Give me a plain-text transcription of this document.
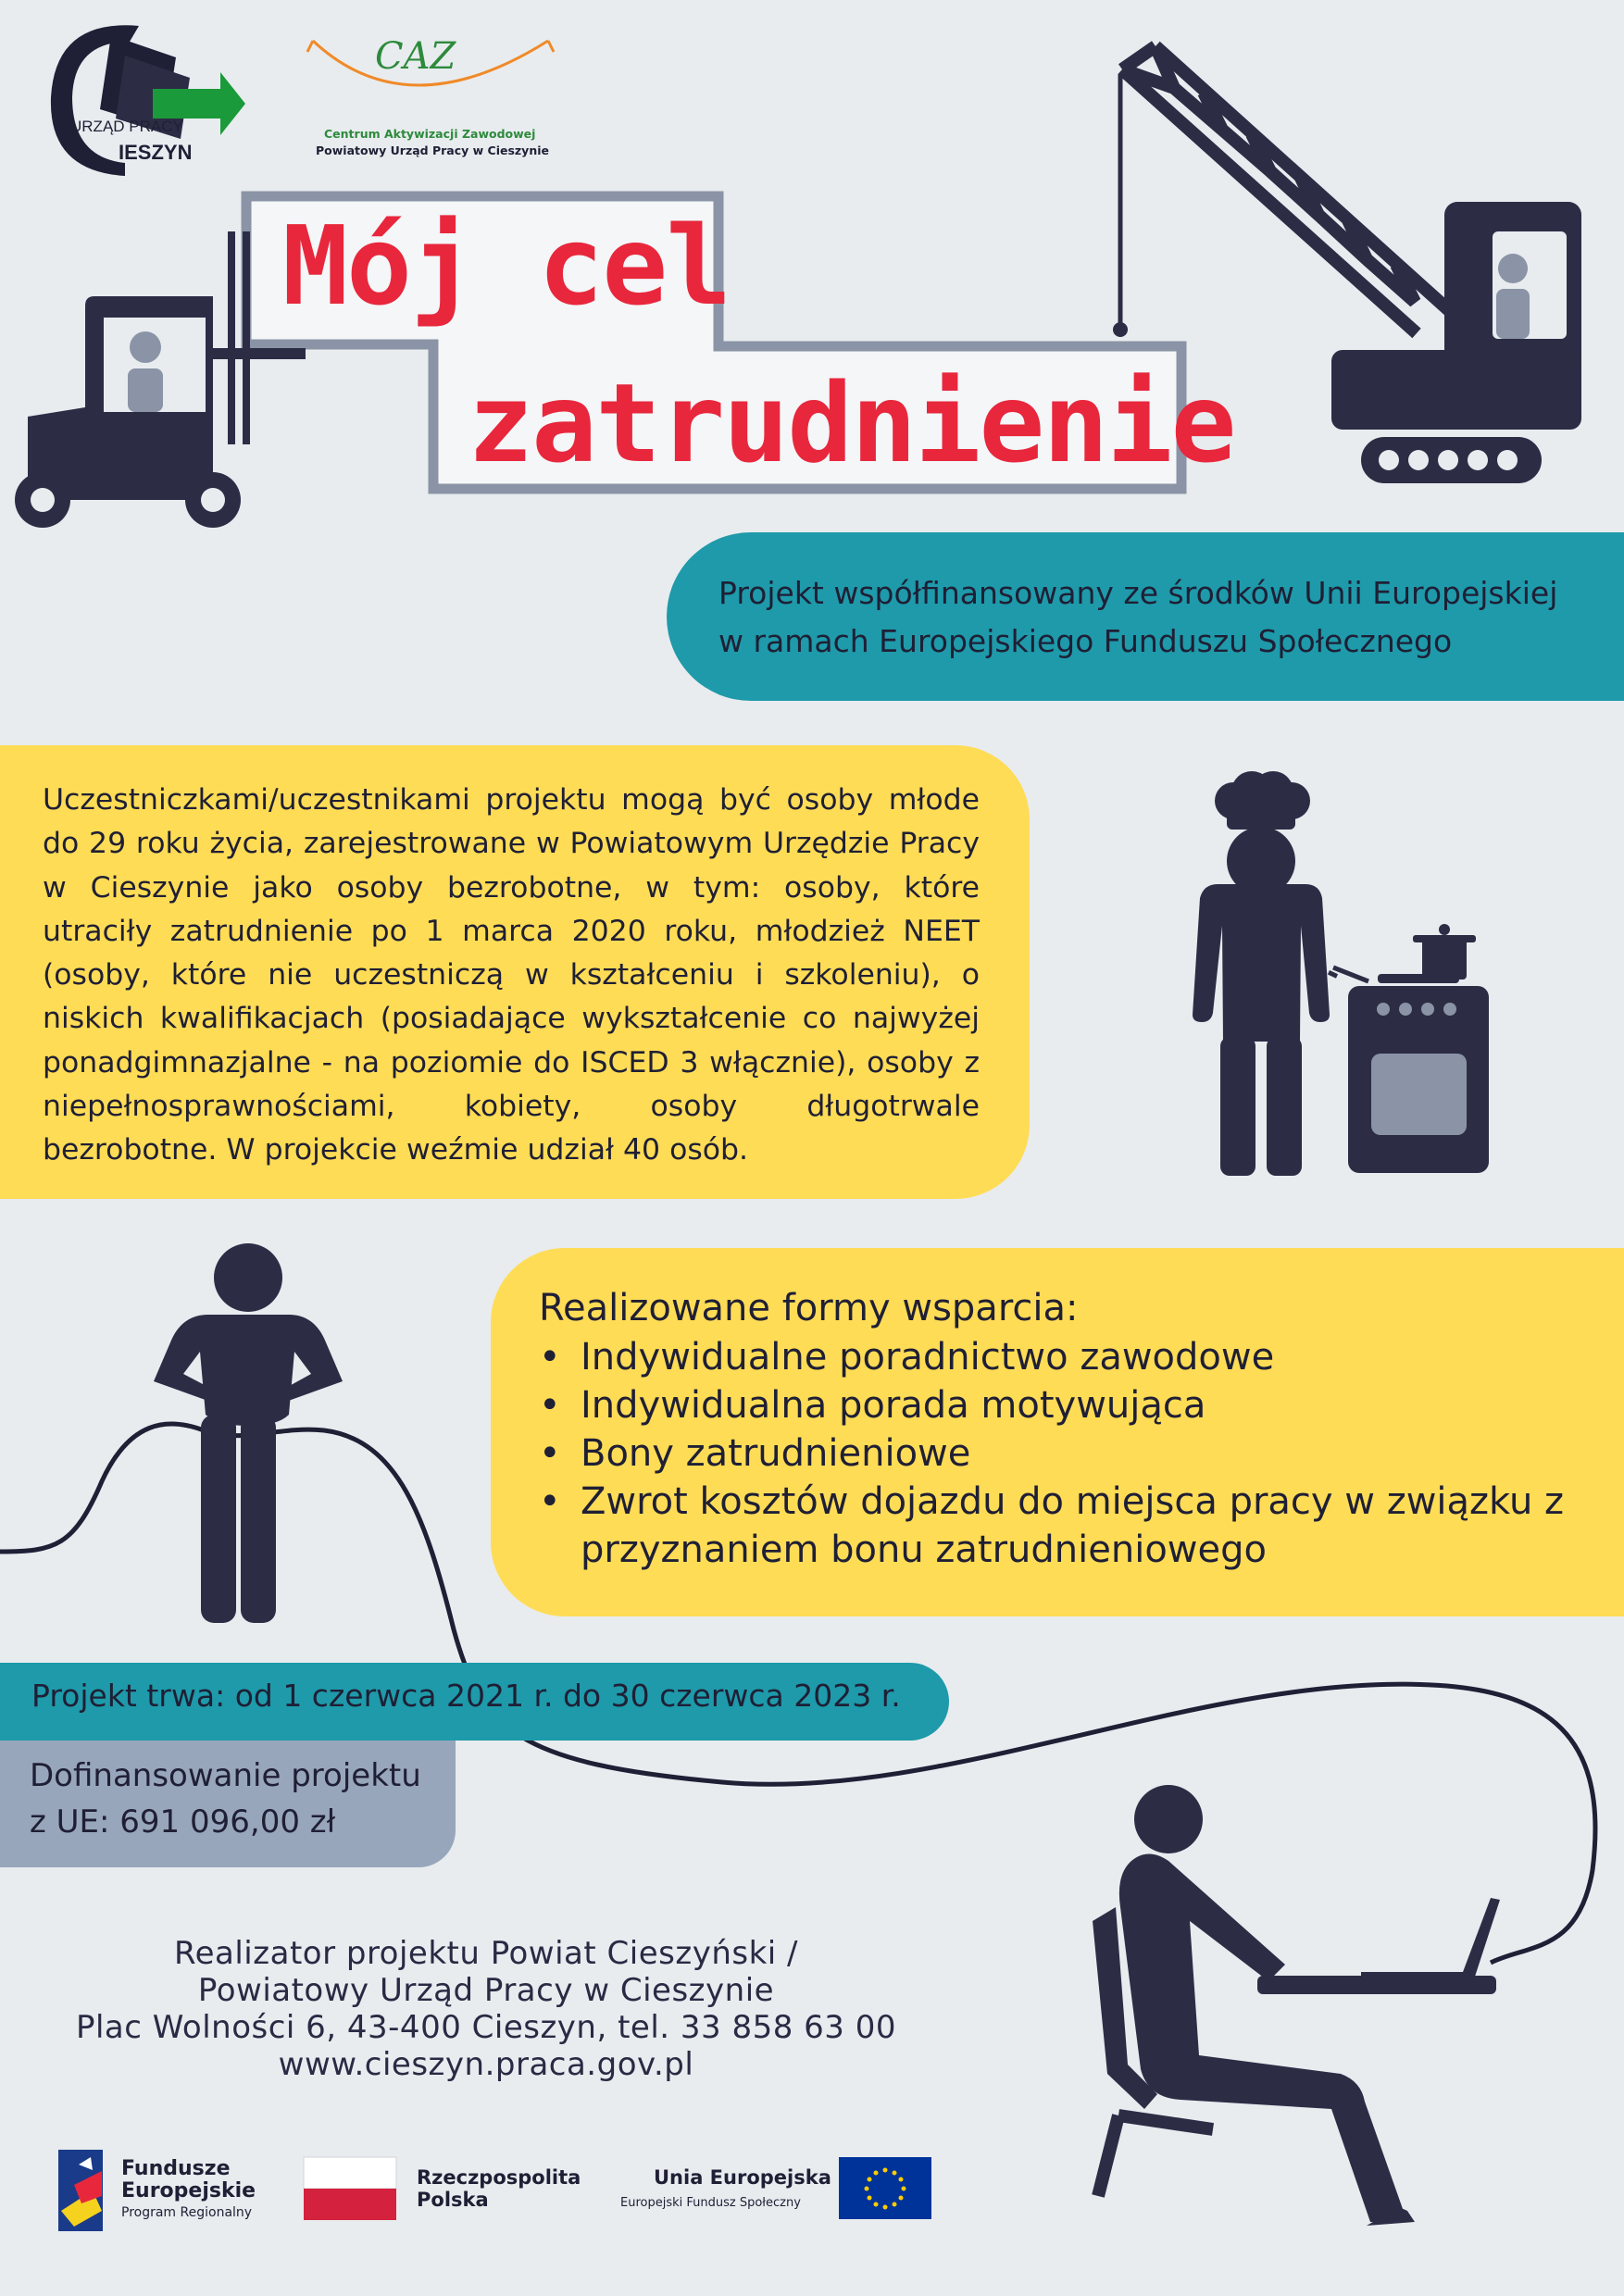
URZĄD PRACY
IESZYN
CAZ
Centrum Aktywizacji Zawodowej
Powiatowy Urząd Pracy w Cieszynie
Mój cel
zatrudnienie
Projekt współfinansowany ze środków Unii Europejskiej
w ramach Europejskiego Funduszu Społecznego
Uczestniczkami/uczestnikami projektu mogą być osoby młode do 29 roku życia, zarejestrowane w Powiatowym Urzędzie Pracy w Cieszynie jako osoby bezrobotne, w tym: osoby, które utraciły zatrudnienie po 1 marca 2020 roku, młodzież NEET (osoby, które nie uczestniczą w kształceniu i szkoleniu), o niskich kwalifikacjach (posiadające wykształcenie co najwyżej ponadgimnazjalne - na poziomie do ISCED 3 włącznie), osoby z niepełnosprawnościami, kobiety, osoby długotrwale bezrobotne. W projekcie weźmie udział 40 osób.
Realizowane formy wsparcia:
• Indywidualne poradnictwo zawodowe
• Indywidualna porada motywująca
• Bony zatrudnieniowe
• Zwrot kosztów dojazdu do miejsca pracy w związku z przyznaniem bonu zatrudnieniowego
Projekt trwa: od 1 czerwca 2021 r. do 30 czerwca 2023 r.
Dofinansowanie projektu
z UE: 691 096,00 zł
Realizator projektu Powiat Cieszyński /
Powiatowy Urząd Pracy w Cieszynie
Plac Wolności 6, 43-400 Cieszyn, tel. 33 858 63 00
www.cieszyn.praca.gov.pl
Fundusze
Europejskie
Program Regionalny
Rzeczpospolita
Polska
Unia Europejska
Europejski Fundusz Społeczny
